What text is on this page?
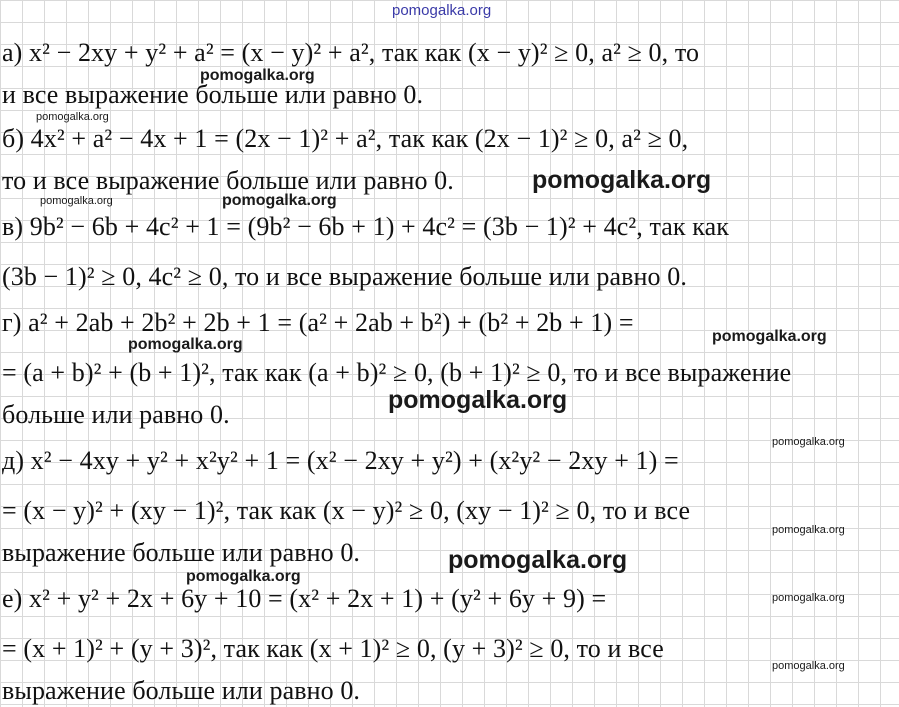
а) x² − 2xy + y² + a² = (x − y)² + a², так как (x − y)² ≥ 0, a² ≥ 0, то
и все выражение больше или равно 0.
б) 4x² + a² − 4x + 1 = (2x − 1)² + a², так как (2x − 1)² ≥ 0, a² ≥ 0,
то и все выражение больше или равно 0.
в) 9b² − 6b + 4c² + 1 = (9b² − 6b + 1) + 4c² = (3b − 1)² + 4c², так как
(3b − 1)² ≥ 0, 4c² ≥ 0, то и все выражение больше или равно 0.
г) a² + 2ab + 2b² + 2b + 1 = (a² + 2ab + b²) + (b² + 2b + 1) =
= (a + b)² + (b + 1)², так как (a + b)² ≥ 0, (b + 1)² ≥ 0, то и все выражение
больше или равно 0.
д) x² − 4xy + y² + x²y² + 1 = (x² − 2xy + y²) + (x²y² − 2xy + 1) =
= (x − y)² + (xy − 1)², так как (x − y)² ≥ 0, (xy − 1)² ≥ 0, то и все
выражение больше или равно 0.
е) x² + y² + 2x + 6y + 10 = (x² + 2x + 1) + (y² + 6y + 9) =
= (x + 1)² + (y + 3)², так как (x + 1)² ≥ 0, (y + 3)² ≥ 0, то и все
выражение больше или равно 0.
pomogalka.org
pomogalka.org
pomogalka.org
pomogalka.org
pomogalka.org	pomogalka.org
pomogalka.org
pomogalka.org
pomogalka.org
pomogalka.org
pomogalka.org
pomogalka.org
pomogalka.org
pomogalka.org
pomogalka.org
